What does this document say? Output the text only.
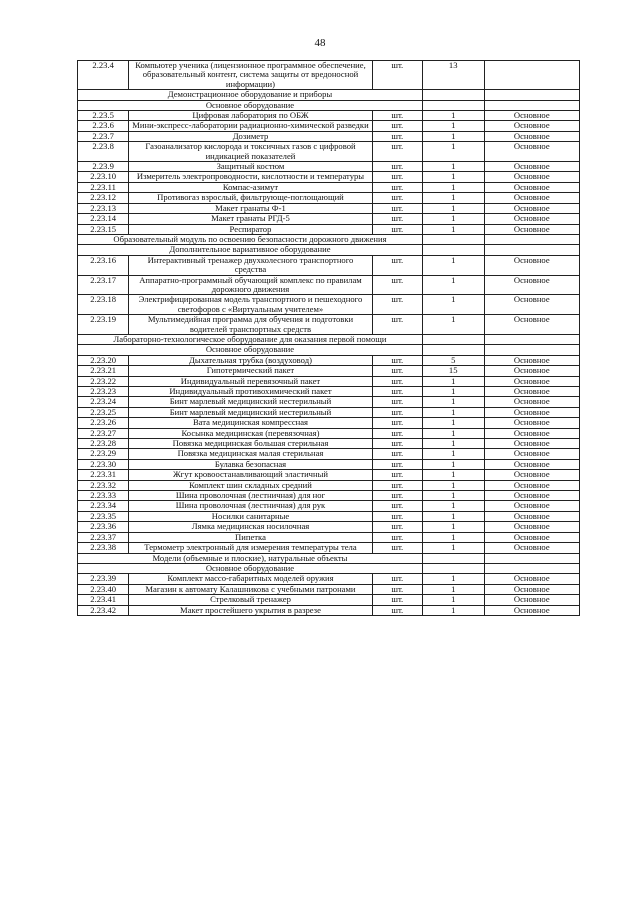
48
2.23.4	Компьютер ученика (лицензионное программное обеспечение, образовательный контент, система защиты от вредоносной информации)	шт.	13	
Демонстрационное оборудование и приборы				
Основное оборудование				
2.23.5	Цифровая лаборатория по ОБЖ	шт.	1	Основное
2.23.6	Мини-экспресс-лаборатории радиационно-химической разведки	шт.	1	Основное
2.23.7	Дозиметр	шт.	1	Основное
2.23.8	Газоанализатор кислорода и токсичных газов с цифровой индикацией показателей	шт.	1	Основное
2.23.9	Защитный костюм	шт.	1	Основное
2.23.10	Измеритель электропроводности, кислотности и температуры	шт.	1	Основное
2.23.11	Компас-азимут	шт.	1	Основное
2.23.12	Противогаз взрослый, фильтрующе-поглощающий	шт.	1	Основное
2.23.13	Макет гранаты Ф-1	шт.	1	Основное
2.23.14	Макет гранаты РГД-5	шт.	1	Основное
2.23.15	Респиратор	шт.	1	Основное
Образовательный модуль по освоению безопасности дорожного движения				
Дополнительное вариативное оборудование				
2.23.16	Интерактивный тренажер двухколесного транспортного средства	шт.	1	Основное
2.23.17	Аппаратно-программный обучающий комплекс по правилам дорожного движения	шт.	1	Основное
2.23.18	Электрифицированная модель транспортного и пешеходного светофоров с «Виртуальным учителем»	шт.	1	Основное
2.23.19	Мультимедийная программа для обучения и подготовки водителей транспортных средств	шт.	1	Основное
Лабораторно-технологическое оборудование для оказания первой помощи				
Основное оборудование				
2.23.20	Дыхательная трубка (воздуховод)	шт.	5	Основное
2.23.21	Гипотермический пакет	шт.	15	Основное
2.23.22	Индивидуальный перевязочный пакет	шт.	1	Основное
2.23.23	Индивидуальный противохимический пакет	шт.	1	Основное
2.23.24	Бинт марлевый медицинский нестерильный	шт.	1	Основное
2.23.25	Бинт марлевый медицинский нестерильный	шт.	1	Основное
2.23.26	Вата медицинская компрессная	шт.	1	Основное
2.23.27	Косынка медицинская (перевязочная)	шт.	1	Основное
2.23.28	Повязка медицинская большая стерильная	шт.	1	Основное
2.23.29	Повязка медицинская малая стерильная	шт.	1	Основное
2.23.30	Булавка безопасная	шт.	1	Основное
2.23.31	Жгут кровоостанавливающий эластичный	шт.	1	Основное
2.23.32	Комплект шин складных средний	шт.	1	Основное
2.23.33	Шина проволочная (лестничная) для ног	шт.	1	Основное
2.23.34	Шина проволочная (лестничная) для рук	шт.	1	Основное
2.23.35	Носилки санитарные	шт.	1	Основное
2.23.36	Лямка медицинская носилочная	шт.	1	Основное
2.23.37	Пипетка	шт.	1	Основное
2.23.38	Термометр электронный для измерения температуры тела	шт.	1	Основное
Модели (объемные и плоские), натуральные объекты				
Основное оборудование				
2.23.39	Комплект массо-габаритных моделей оружия	шт.	1	Основное
2.23.40	Магазин к автомату Калашникова с учебными патронами	шт.	1	Основное
2.23.41	Стрелковый тренажер	шт.	1	Основное
2.23.42	Макет простейшего укрытия в разрезе	шт.	1	Основное
